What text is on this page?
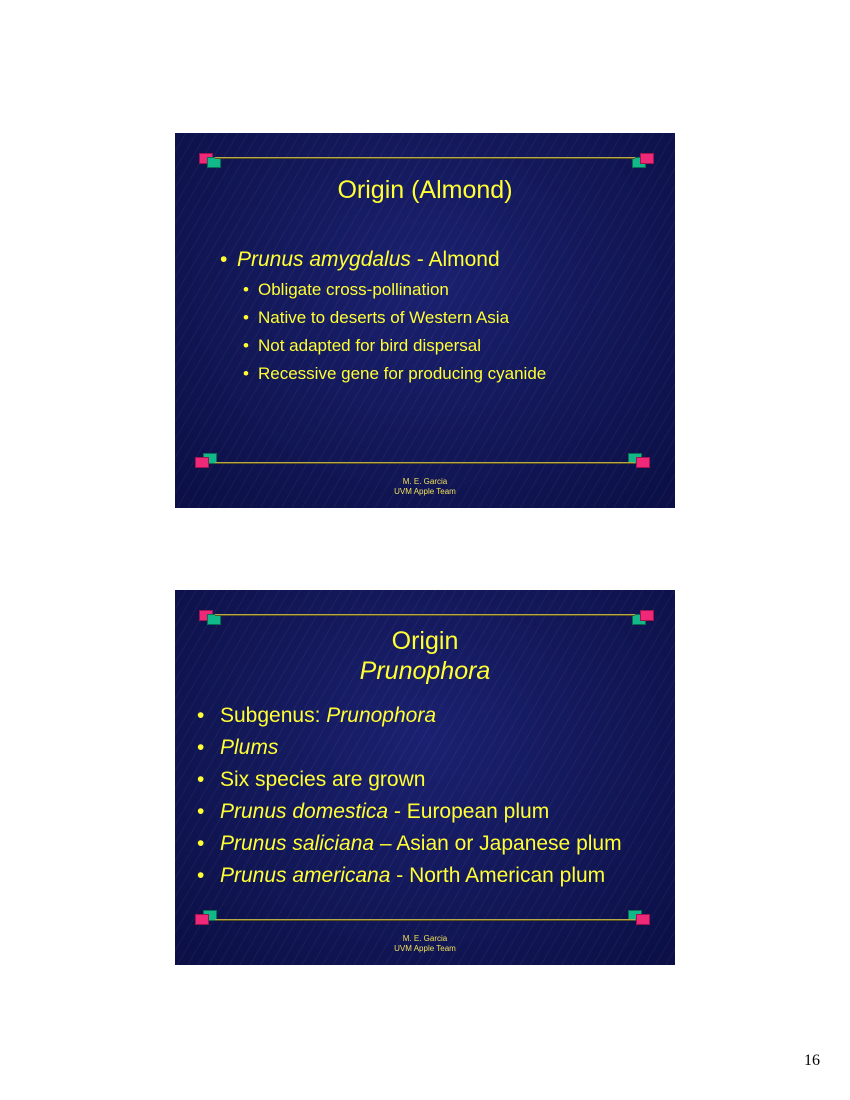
Origin (Almond)
• Prunus amygdalus - Almond
• Obligate cross-pollination
• Native to deserts of Western Asia
• Not adapted for bird dispersal
• Recessive gene for producing cyanide
M. E. Garcia
UVM Apple Team
Origin
Prunophora
• Subgenus: Prunophora
• Plums
• Six species are grown
• Prunus domestica - European plum
• Prunus saliciana – Asian or Japanese plum
• Prunus americana - North American plum
M. E. Garcia
UVM Apple Team
16
